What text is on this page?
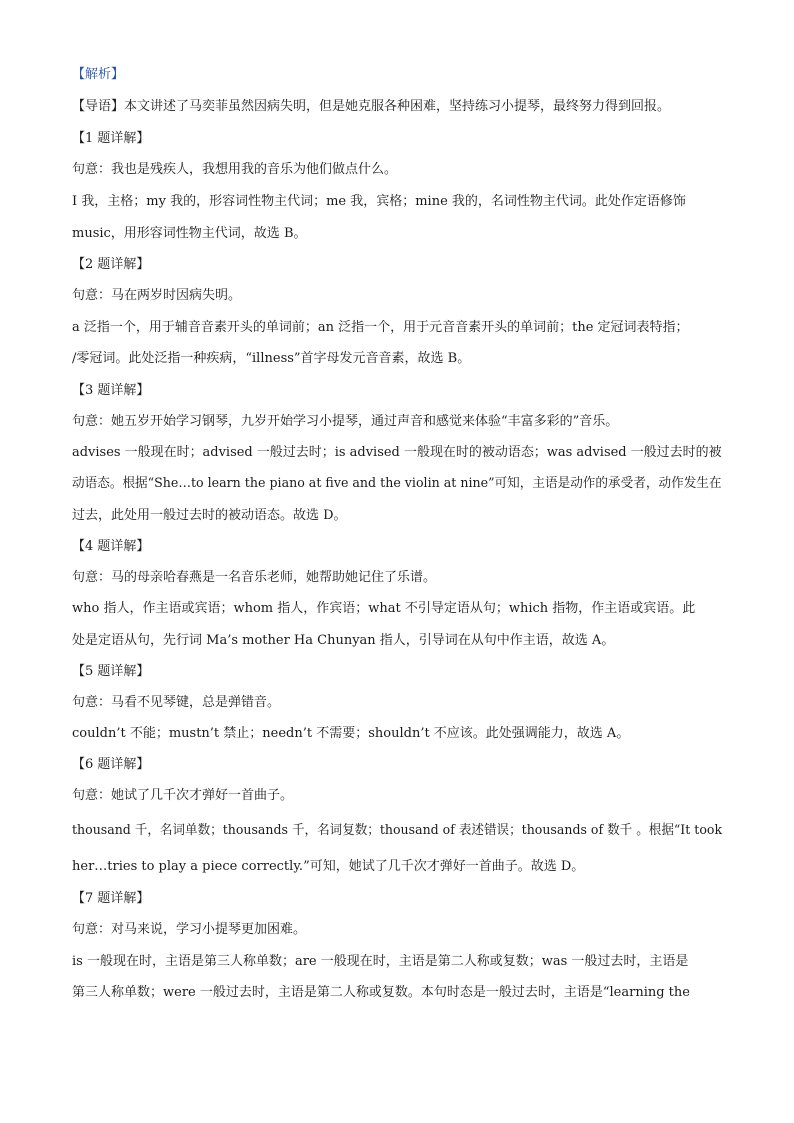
【解析】
【导语】本文讲述了马奕菲虽然因病失明，但是她克服各种困难，坚持练习小提琴，最终努力得到回报。
【1 题详解】
句意：我也是残疾人，我想用我的音乐为他们做点什么。
I 我，主格；my 我的，形容词性物主代词；me 我，宾格；mine 我的，名词性物主代词。此处作定语修饰
music，用形容词性物主代词，故选 B。
【2 题详解】
句意：马在两岁时因病失明。
a 泛指一个，用于辅音音素开头的单词前；an 泛指一个，用于元音音素开头的单词前；the 定冠词表特指；
/零冠词。此处泛指一种疾病，“illness”首字母发元音音素，故选 B。
【3 题详解】
句意：她五岁开始学习钢琴，九岁开始学习小提琴，通过声音和感觉来体验“丰富多彩的”音乐。
advises 一般现在时；advised 一般过去时；is advised 一般现在时的被动语态；was advised 一般过去时的被
动语态。根据“She…to learn the piano at five and the violin at nine”可知，主语是动作的承受者，动作发生在
过去，此处用一般过去时的被动语态。故选 D。
【4 题详解】
句意：马的母亲哈春燕是一名音乐老师，她帮助她记住了乐谱。
who 指人，作主语或宾语；whom 指人，作宾语；what 不引导定语从句；which 指物，作主语或宾语。此
处是定语从句，先行词 Ma’s mother Ha Chunyan 指人，引导词在从句中作主语，故选 A。
【5 题详解】
句意：马看不见琴键，总是弹错音。
couldn’t 不能；mustn’t 禁止；needn’t 不需要；shouldn’t 不应该。此处强调能力，故选 A。
【6 题详解】
句意：她试了几千次才弹好一首曲子。
thousand 千，名词单数；thousands 千，名词复数；thousand of 表述错误；thousands of 数千 。根据“It took
her…tries to play a piece correctly.”可知，她试了几千次才弹好一首曲子。故选 D。
【7 题详解】
句意：对马来说，学习小提琴更加困难。
is 一般现在时，主语是第三人称单数；are 一般现在时，主语是第二人称或复数；was 一般过去时，主语是
第三人称单数；were 一般过去时，主语是第二人称或复数。本句时态是一般过去时，主语是“learning the
